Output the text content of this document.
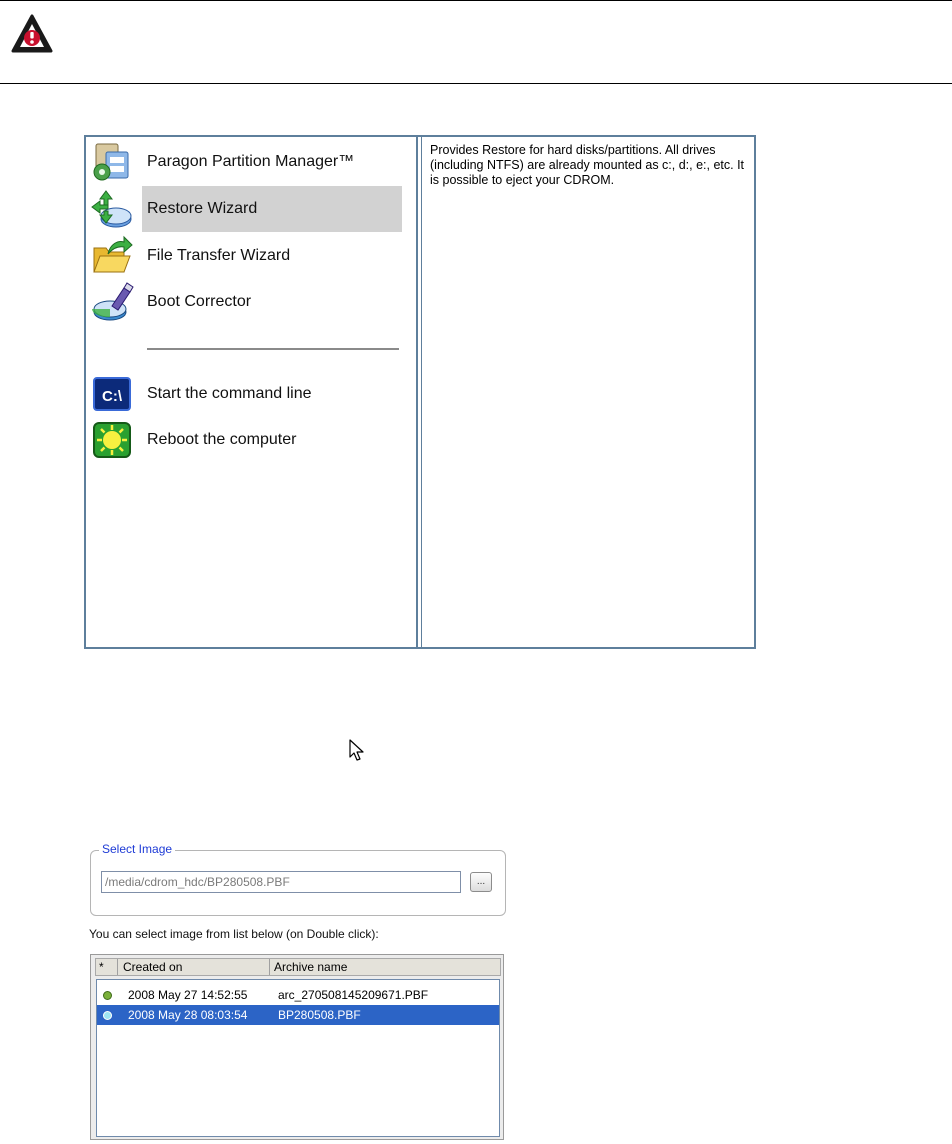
Paragon Partition Manager™
Restore Wizard
File Transfer Wizard
Boot Corrector
Start the command line
C:\
Reboot the computer
Provides Restore for hard disks/partitions. All drives (including NTFS) are already mounted as c:, d:, e:, etc. It is possible to eject your CDROM.
Select Image
/media/cdrom_hdc/BP280508.PBF
...
You can select image from list below (on Double click):
*	Created on	Archive name
2008 May 27 14:52:55	arc_270508145209671.PBF
2008 May 28 08:03:54	BP280508.PBF
